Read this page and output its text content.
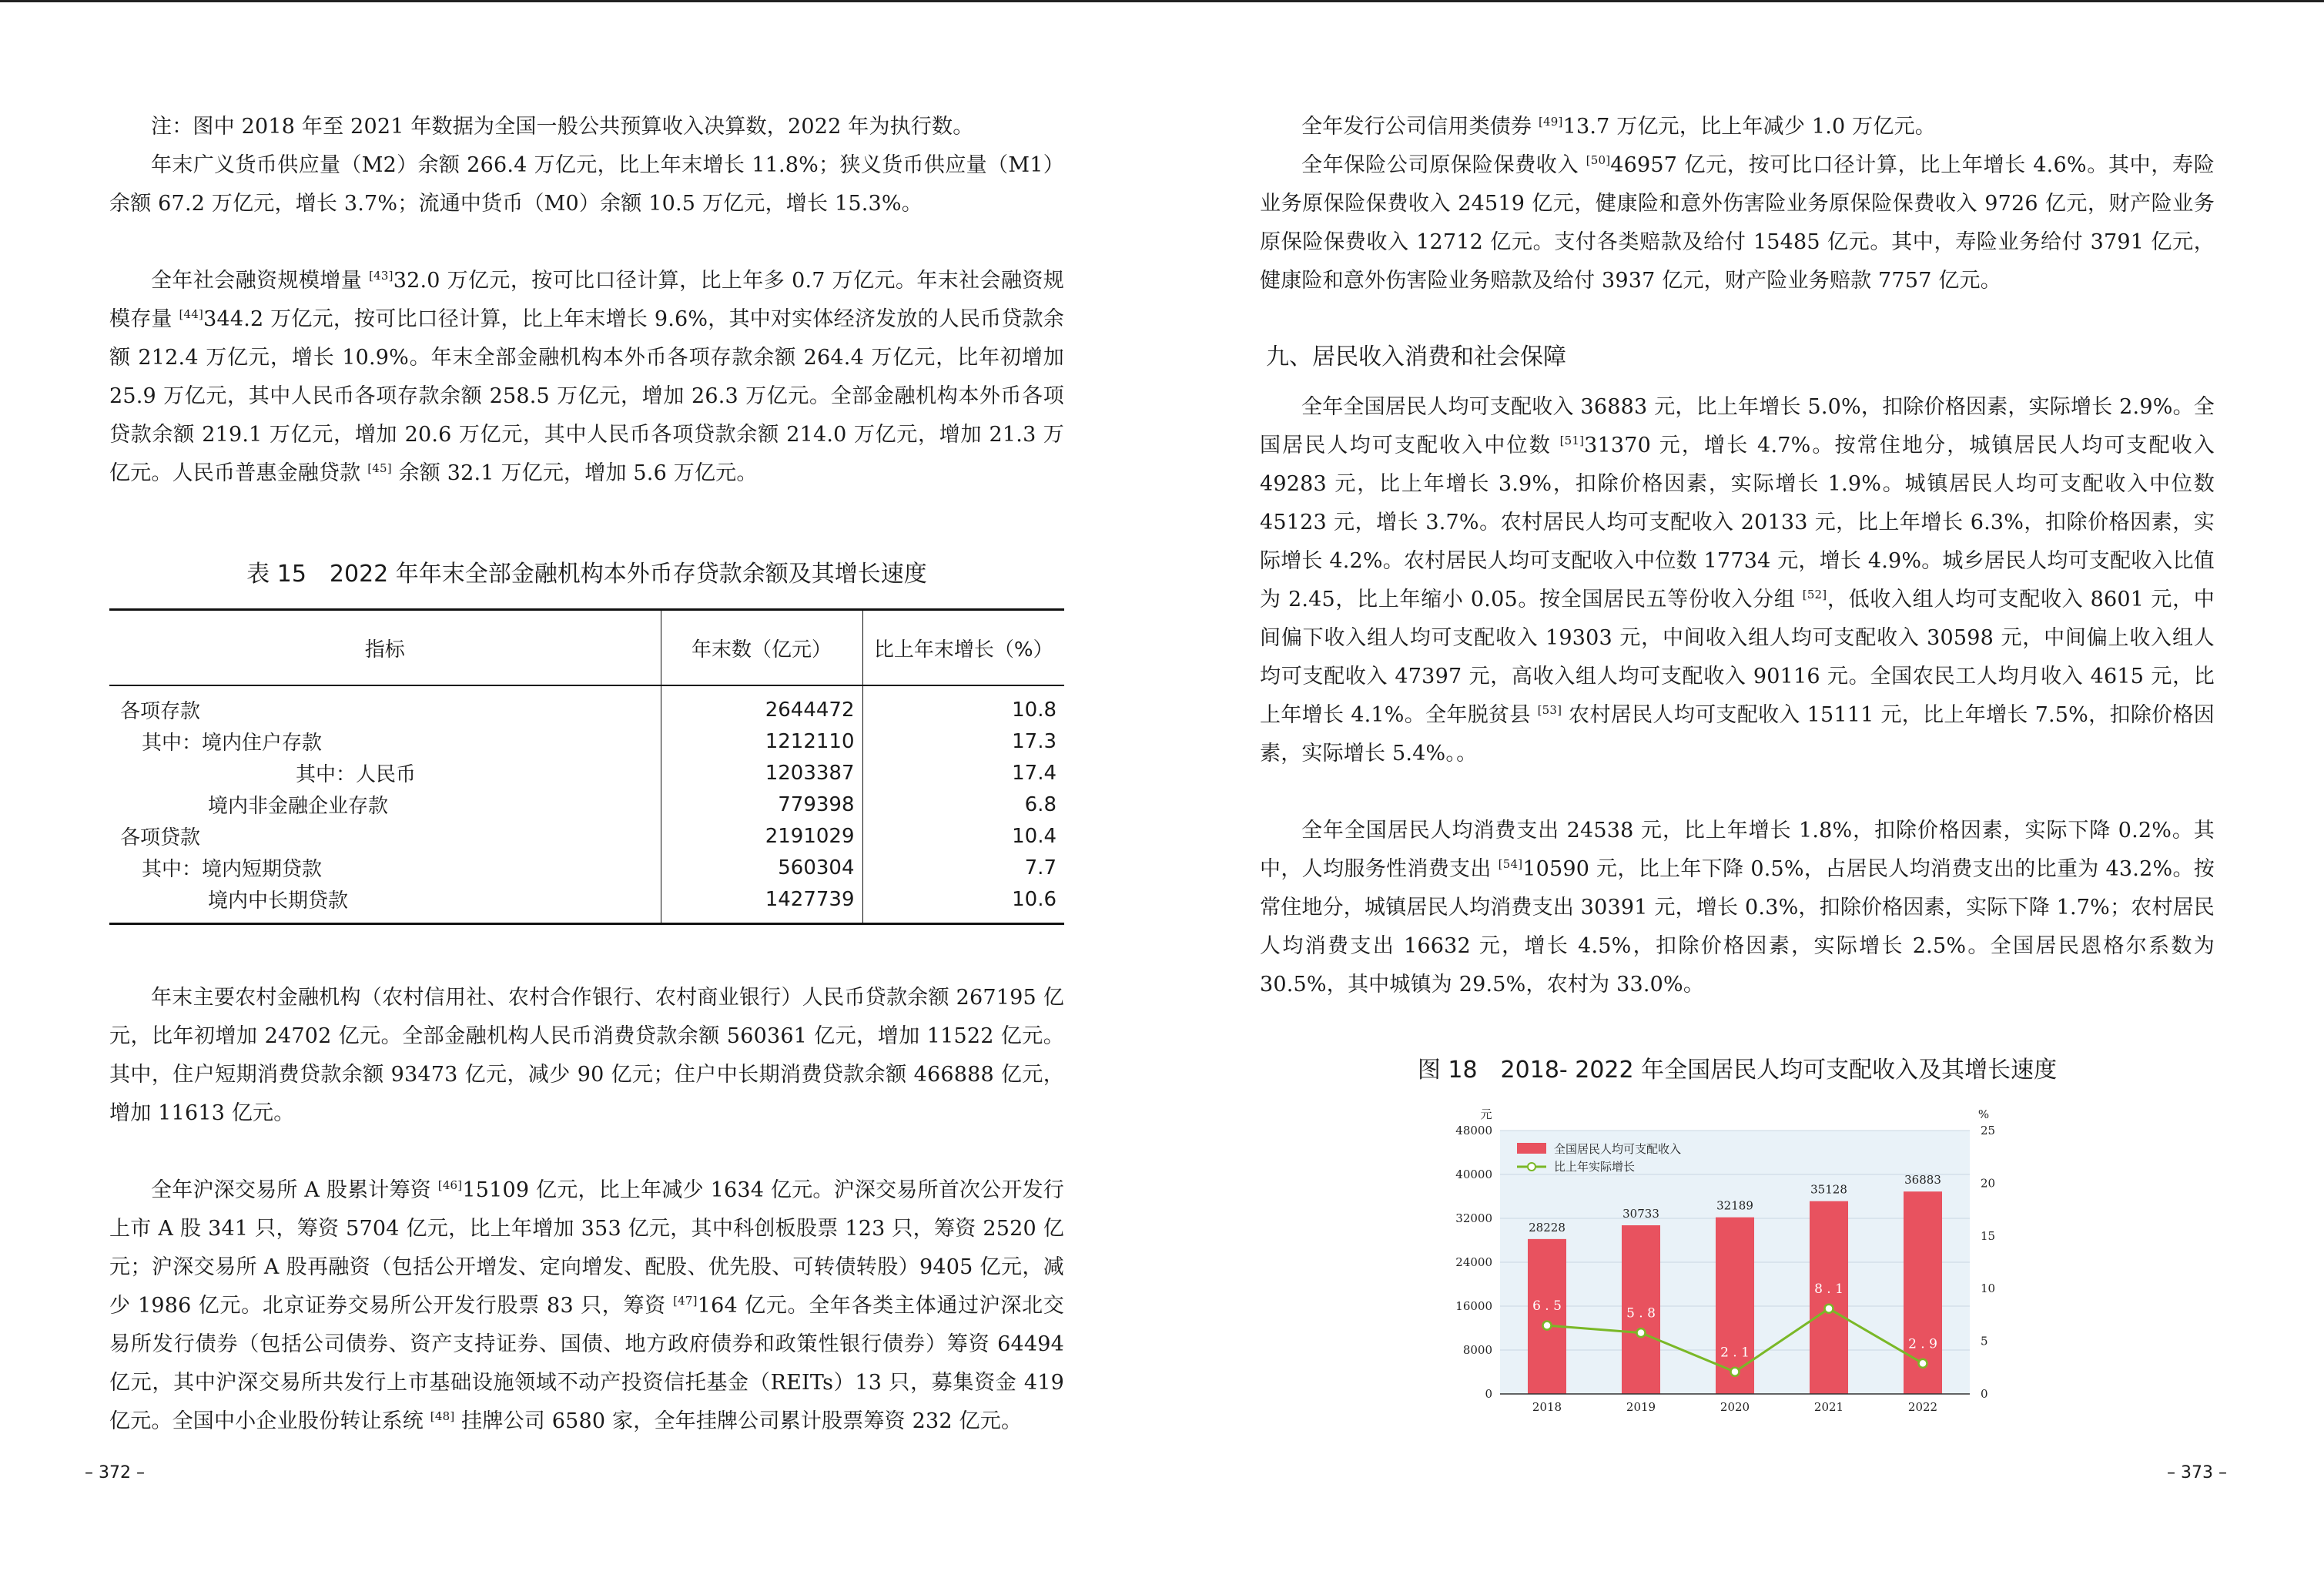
注：图中 2018 年至 2021 年数据为全国一般公共预算收入决算数，2022 年为执行数。

年末广义货币供应量（M2）余额 266.4 万亿元，比上年末增长 11.8%；狭义货币供应量（M1）余额 67.2 万亿元，增长 3.7%；流通中货币（M0）余额 10.5 万亿元，增长 15.3%。

全年社会融资规模增量 [43]32.0 万亿元，按可比口径计算，比上年多 0.7 万亿元。年末社会融资规模存量 [44]344.2 万亿元，按可比口径计算，比上年末增长 9.6%，其中对实体经济发放的人民币贷款余额 212.4 万亿元，增长 10.9%。年末全部金融机构本外币各项存款余额 264.4 万亿元，比年初增加 25.9 万亿元，其中人民币各项存款余额 258.5 万亿元，增加 26.3 万亿元。全部金融机构本外币各项贷款余额 219.1 万亿元，增加 20.6 万亿元，其中人民币各项贷款余额 214.0 万亿元，增加 21.3 万亿元。人民币普惠金融贷款 [45] 余额 32.1 万亿元，增加 5.6 万亿元。

表 15　2022 年年末全部金融机构本外币存贷款余额及其增长速度
指标	年末数（亿元）	比上年末增长（%）
各项存款	2644472	10.8
其中：境内住户存款	1212110	17.3
其中：人民币	1203387	17.4
境内非金融企业存款	779398	6.8
各项贷款	2191029	10.4
其中：境内短期贷款	560304	7.7
境内中长期贷款	1427739	10.6

年末主要农村金融机构（农村信用社、农村合作银行、农村商业银行）人民币贷款余额 267195 亿元，比年初增加 24702 亿元。全部金融机构人民币消费贷款余额 560361 亿元，增加 11522 亿元。其中，住户短期消费贷款余额 93473 亿元，减少 90 亿元；住户中长期消费贷款余额 466888 亿元，增加 11613 亿元。

全年沪深交易所 A 股累计筹资 [46]15109 亿元，比上年减少 1634 亿元。沪深交易所首次公开发行上市 A 股 341 只，筹资 5704 亿元，比上年增加 353 亿元，其中科创板股票 123 只，筹资 2520 亿元；沪深交易所 A 股再融资（包括公开增发、定向增发、配股、优先股、可转债转股）9405 亿元，减少 1986 亿元。北京证券交易所公开发行股票 83 只，筹资 [47]164 亿元。全年各类主体通过沪深北交易所发行债券（包括公司债券、资产支持证券、国债、地方政府债券和政策性银行债券）筹资 64494 亿元，其中沪深交易所共发行上市基础设施领域不动产投资信托基金（REITs）13 只，募集资金 419 亿元。全国中小企业股份转让系统 [48] 挂牌公司 6580 家，全年挂牌公司累计股票筹资 232 亿元。

全年发行公司信用类债券 [49]13.7 万亿元，比上年减少 1.0 万亿元。

全年保险公司原保险保费收入 [50]46957 亿元，按可比口径计算，比上年增长 4.6%。其中，寿险业务原保险保费收入 24519 亿元，健康险和意外伤害险业务原保险保费收入 9726 亿元，财产险业务原保险保费收入 12712 亿元。支付各类赔款及给付 15485 亿元。其中，寿险业务给付 3791 亿元，健康险和意外伤害险业务赔款及给付 3937 亿元，财产险业务赔款 7757 亿元。

九、居民收入消费和社会保障

全年全国居民人均可支配收入 36883 元，比上年增长 5.0%，扣除价格因素，实际增长 2.9%。全国居民人均可支配收入中位数 [51]31370 元，增长 4.7%。按常住地分，城镇居民人均可支配收入 49283 元，比上年增长 3.9%，扣除价格因素，实际增长 1.9%。城镇居民人均可支配收入中位数 45123 元，增长 3.7%。农村居民人均可支配收入 20133 元，比上年增长 6.3%，扣除价格因素，实际增长 4.2%。农村居民人均可支配收入中位数 17734 元，增长 4.9%。城乡居民人均可支配收入比值为 2.45，比上年缩小 0.05。按全国居民五等份收入分组 [52]，低收入组人均可支配收入 8601 元，中间偏下收入组人均可支配收入 19303 元，中间收入组人均可支配收入 30598 元，中间偏上收入组人均可支配收入 47397 元，高收入组人均可支配收入 90116 元。全国农民工人均月收入 4615 元，比上年增长 4.1%。全年脱贫县 [53] 农村居民人均可支配收入 15111 元，比上年增长 7.5%，扣除价格因素，实际增长 5.4%。。

全年全国居民人均消费支出 24538 元，比上年增长 1.8%，扣除价格因素，实际下降 0.2%。其中，人均服务性消费支出 [54]10590 元，比上年下降 0.5%，占居民人均消费支出的比重为 43.2%。按常住地分，城镇居民人均消费支出 30391 元，增长 0.3%，扣除价格因素，实际下降 1.7%；农村居民人均消费支出 16632 元，增长 4.5%，扣除价格因素，实际增长 2.5%。全国居民恩格尔系数为 30.5%，其中城镇为 29.5%，农村为 33.0%。

图 18　2018- 2022 年全国居民人均可支配收入及其增长速度
0
8000
16000
24000
32000
40000
48000
0
5
10
15
20
25
元	%
28228
2018
30733
2019
32189
2020
35128
2021
36883
2022
6 . 5	5 . 8
2 . 1
8 . 1
2 . 9
全国居民人均可支配收入
比上年实际增长
– 372 –	– 373 –
